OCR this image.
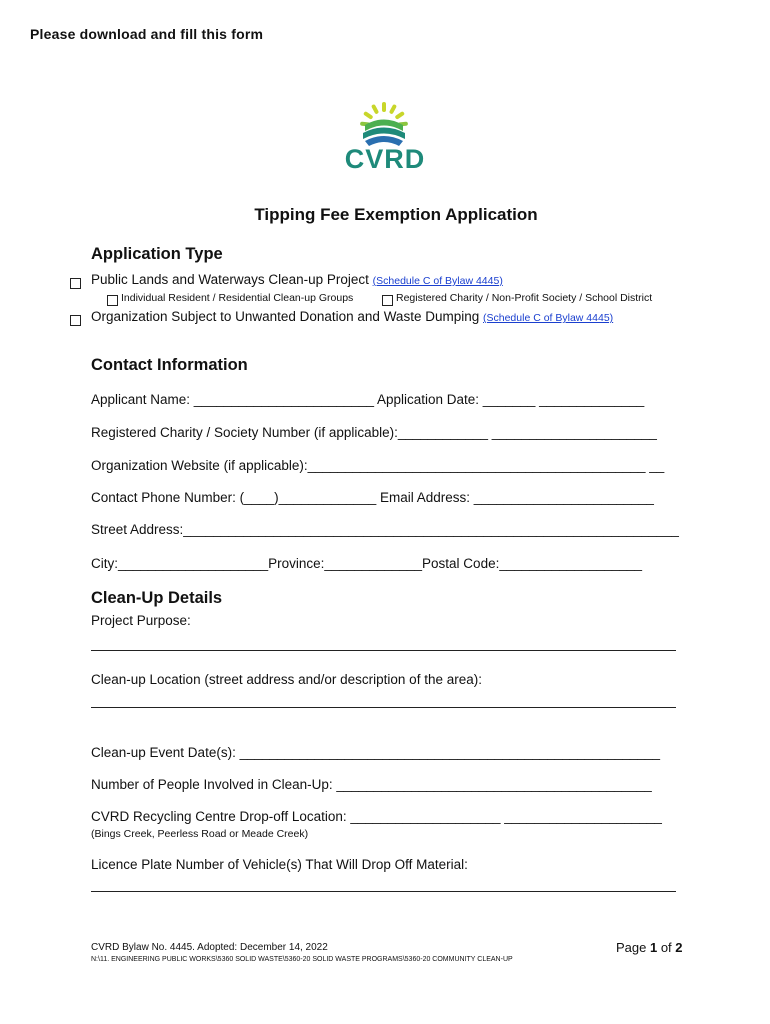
Please download and fill this form
CVRD
Tipping Fee Exemption Application
Application Type
Public Lands and Waterways Clean-up Project (Schedule C of Bylaw 4445)
Individual Resident / Residential Clean-up Groups	Registered Charity / Non-Profit Society / School District
Organization Subject to Unwanted Donation and Waste Dumping (Schedule C of Bylaw 4445)
Contact Information
Applicant Name: ________________________ Application Date: _______ ______________
Registered Charity / Society Number (if applicable):____________ ______________________
Organization Website (if applicable):_____________________________________________ __
Contact Phone Number: (____)_____________ Email Address: ________________________
Street Address:__________________________________________________________________
City:____________________Province:_____________Postal Code:___________________
Clean-Up Details
Project Purpose:
Clean-up Location (street address and/or description of the area):
Clean-up Event Date(s): ________________________________________________________
Number of People Involved in Clean-Up: __________________________________________
CVRD Recycling Centre Drop-off Location: ____________________ _____________________
(Bings Creek, Peerless Road or Meade Creek)
Licence Plate Number of Vehicle(s) That Will Drop Off Material:
CVRD Bylaw No. 4445. Adopted: December 14, 2022
N:\11. ENGINEERING PUBLIC WORKS\5360 SOLID WASTE\5360-20 SOLID WASTE PROGRAMS\5360-20 COMMUNITY CLEAN-UP
Page 1 of 2
